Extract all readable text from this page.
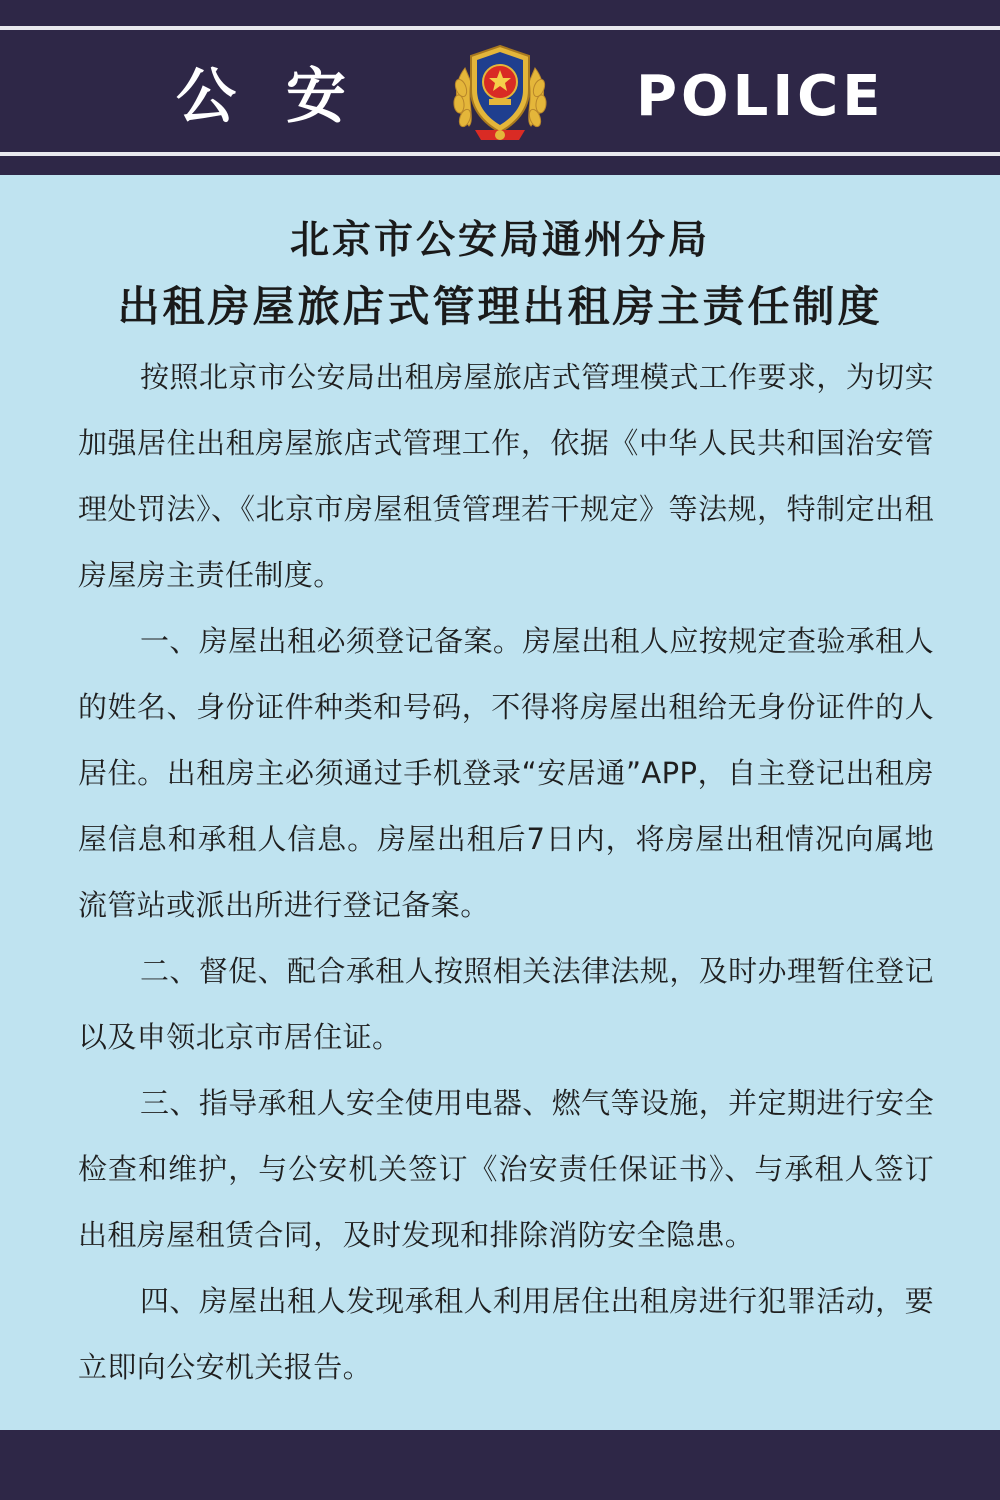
公安	POLICE
北京市公安局通州分局
出租房屋旅店式管理出租房主责任制度

按照北京市公安局出租房屋旅店式管理模式工作要求，为切实加强居住出租房屋旅店式管理工作，依据《中华人民共和国治安管理处罚法》、《北京市房屋租赁管理若干规定》等法规，特制定出租房屋房主责任制度。

一、房屋出租必须登记备案。房屋出租人应按规定查验承租人的姓名、身份证件种类和号码，不得将房屋出租给无身份证件的人居住。出租房主必须通过手机登录“安居通”APP，自主登记出租房屋信息和承租人信息。房屋出租后7日内，将房屋出租情况向属地流管站或派出所进行登记备案。

二、督促、配合承租人按照相关法律法规，及时办理暂住登记以及申领北京市居住证。

三、指导承租人安全使用电器、燃气等设施，并定期进行安全检查和维护，与公安机关签订《治安责任保证书》、与承租人签订出租房屋租赁合同，及时发现和排除消防安全隐患。

四、房屋出租人发现承租人利用居住出租房进行犯罪活动，要立即向公安机关报告。
